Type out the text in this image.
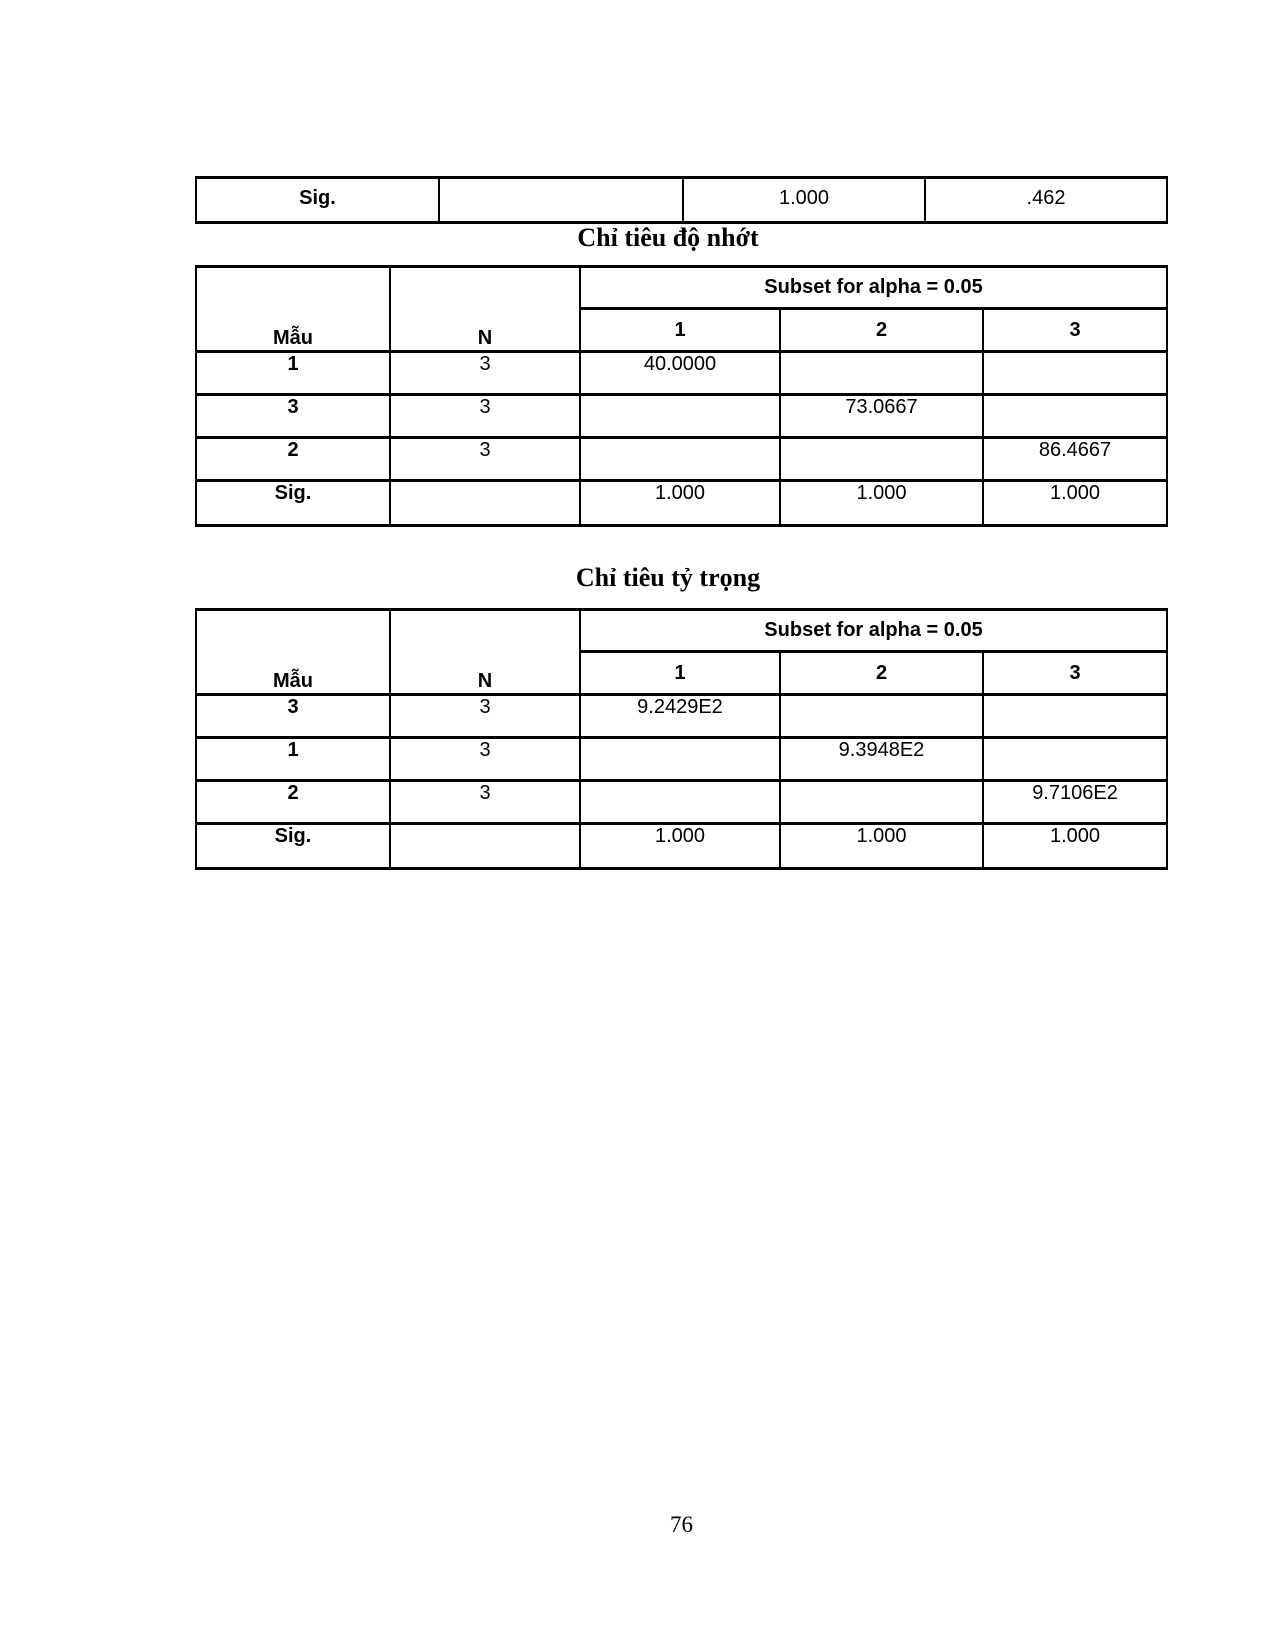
Sig.		1.000	.462
Chỉ tiêu độ nhớt
Mẫu	N	Subset for alpha = 0.05		
		1	2	3
1	3	40.0000		
3	3		73.0667	
2	3			86.4667
Sig.		1.000	1.000	1.000
Chỉ tiêu tỷ trọng
Mẫu	N	Subset for alpha = 0.05		
		1	2	3
3	3	9.2429E2		
1	3		9.3948E2	
2	3			9.7106E2
Sig.		1.000	1.000	1.000
76
